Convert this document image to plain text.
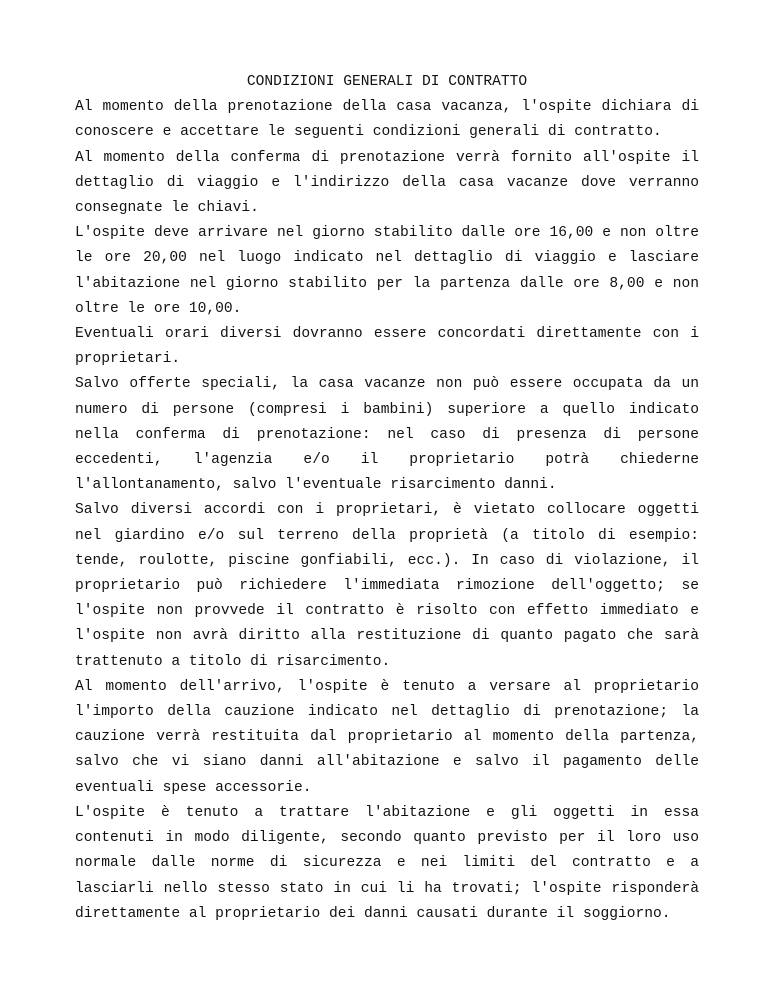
CONDIZIONI GENERALI DI CONTRATTO

Al momento della prenotazione della casa vacanza, l'ospite dichiara di conoscere e accettare le seguenti condizioni generali di contratto.

Al momento della conferma di prenotazione verrà fornito all'ospite il dettaglio di viaggio e l'indirizzo della casa vacanze dove verranno consegnate le chiavi.

L'ospite deve arrivare nel giorno stabilito dalle ore 16,00 e non oltre le ore 20,00 nel luogo indicato nel dettaglio di viaggio e lasciare l'abitazione nel giorno stabilito per la partenza dalle ore 8,00 e non oltre le ore 10,00.

Eventuali orari diversi dovranno essere concordati direttamente con i proprietari.

Salvo offerte speciali, la casa vacanze non può essere occupata da un numero di persone (compresi i bambini) superiore a quello indicato nella conferma di prenotazione: nel caso di presenza di persone eccedenti, l'agenzia e/o il proprietario potrà chiederne l'allontanamento, salvo l'eventuale risarcimento danni.

Salvo diversi accordi con i proprietari, è vietato collocare oggetti nel giardino e/o sul terreno della proprietà (a titolo di esempio: tende, roulotte, piscine gonfiabili, ecc.). In caso di violazione, il proprietario può richiedere l'immediata rimozione dell'oggetto; se l'ospite non provvede il contratto è risolto con effetto immediato e l'ospite non avrà diritto alla restituzione di quanto pagato che sarà trattenuto a titolo di risarcimento.

Al momento dell'arrivo, l'ospite è tenuto a versare al proprietario l'importo della cauzione indicato nel dettaglio di prenotazione; la cauzione verrà restituita dal proprietario al momento della partenza, salvo che vi siano danni all'abitazione e salvo il pagamento delle eventuali spese accessorie.

L'ospite è tenuto a trattare l'abitazione e gli oggetti in essa contenuti in modo diligente, secondo quanto previsto per il loro uso normale dalle norme di sicurezza e nei limiti del contratto e a lasciarli nello stesso stato in cui li ha trovati; l'ospite risponderà direttamente al proprietario dei danni causati durante il soggiorno.
